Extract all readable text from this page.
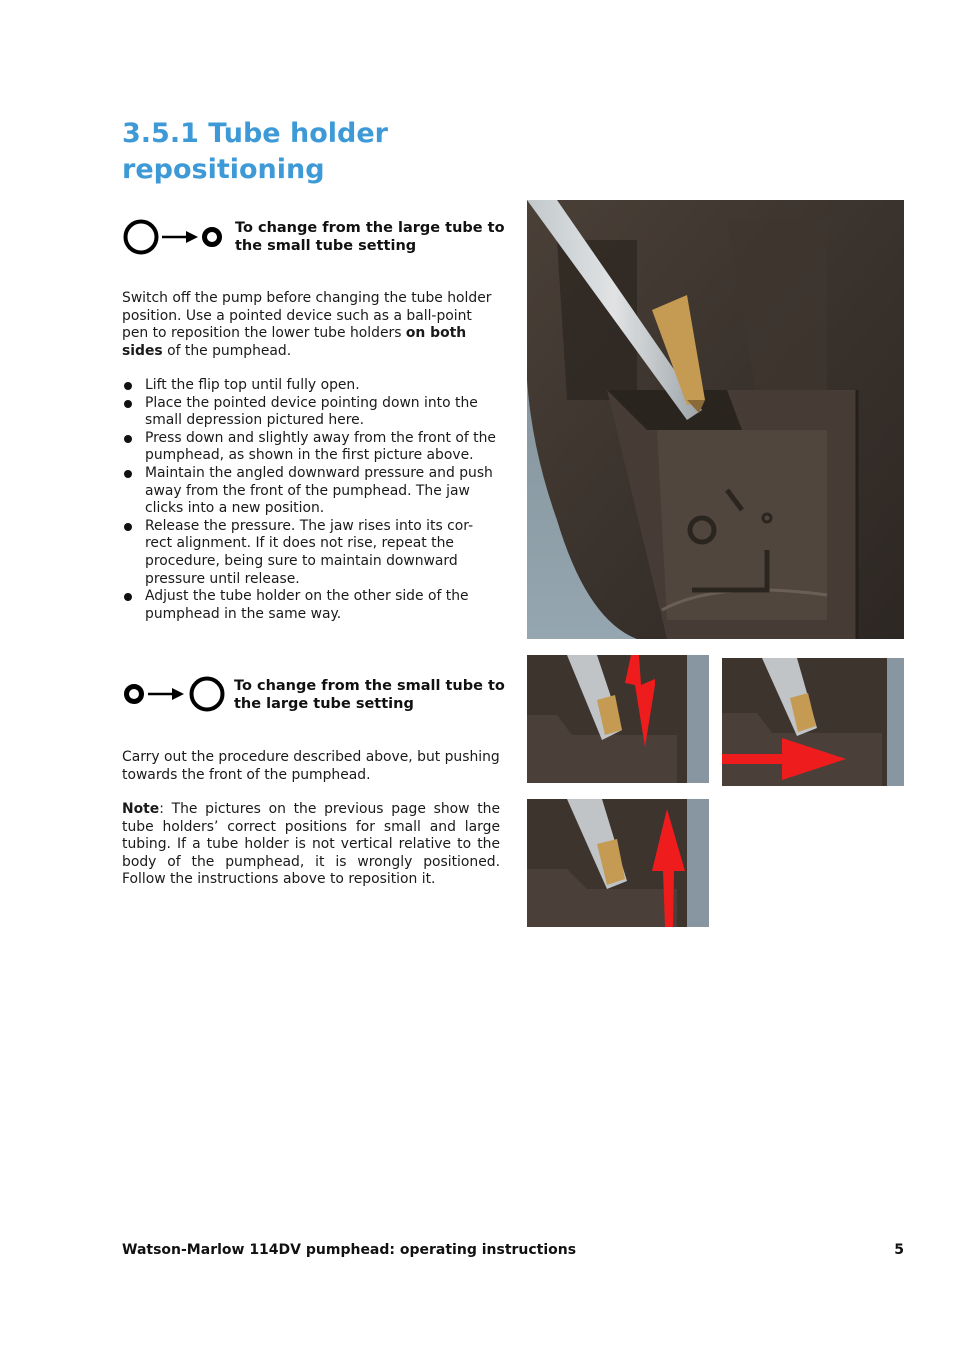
3.5.1 Tube holder repositioning
To change from the large tube to the small tube setting

Switch off the pump before changing the tube holder position. Use a pointed device such as a ball-point pen to reposition the lower tube holders on both sides of the pumphead.

Lift the flip top until fully open.
Place the pointed device pointing down into the small depression pictured here.
Press down and slightly away from the front of the pumphead, as shown in the first picture above.
Maintain the angled downward pressure and push away from the front of the pumphead. The jaw clicks into a new position.
Release the pressure. The jaw rises into its cor-rect alignment. If it does not rise, repeat the procedure, being sure to maintain downward pressure until release.
Adjust the tube holder on the other side of the pumphead in the same way.
To change from the small tube to the large tube setting

Carry out the procedure described above, but pushing towards the front of the pumphead.

Note: The pictures on the previous page show the tube holders’ correct positions for small and large tubing. If a tube holder is not vertical relative to the body of the pumphead, it is wrongly positioned. Follow the instructions above to reposition it.

Watson-Marlow 114DV pumphead: operating instructions	5
